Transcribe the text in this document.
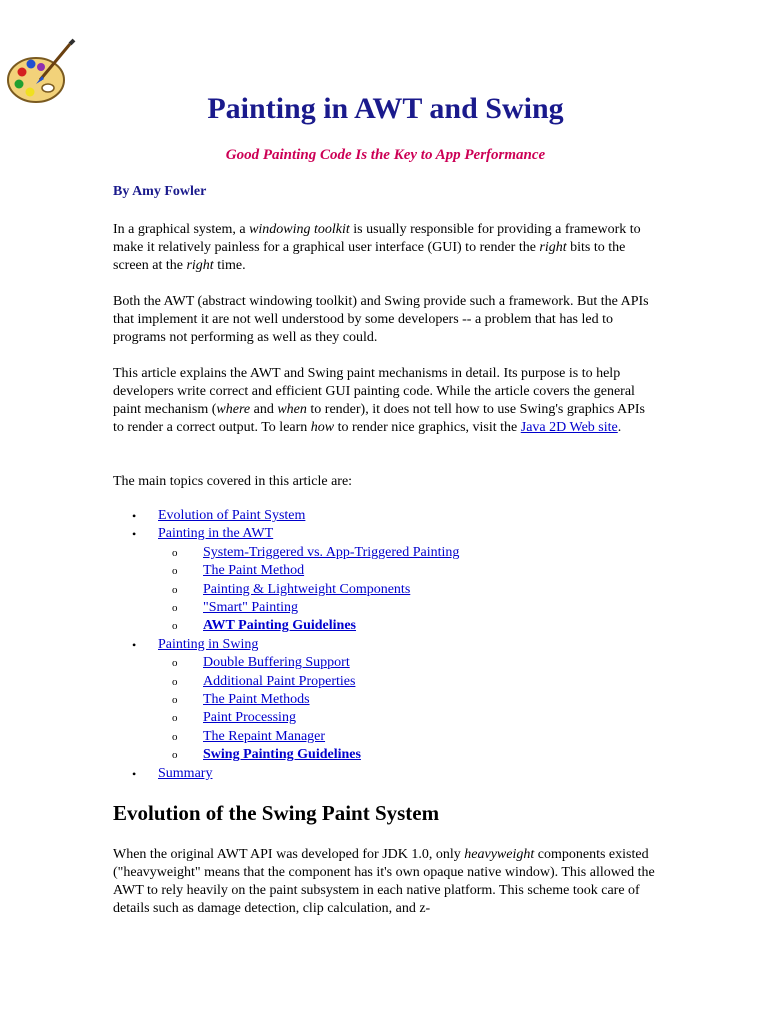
Painting in AWT and Swing

Good Painting Code Is the Key to App Performance

By Amy Fowler

In a graphical system, a windowing toolkit is usually responsible for providing a framework to make it relatively painless for a graphical user interface (GUI) to render the right bits to the screen at the right time.

Both the AWT (abstract windowing toolkit) and Swing provide such a framework. But the APIs that implement it are not well understood by some developers -- a problem that has led to programs not performing as well as they could.

This article explains the AWT and Swing paint mechanisms in detail. Its purpose is to help developers write correct and efficient GUI painting code. While the article covers the general paint mechanism (where and when to render), it does not tell how to use Swing's graphics APIs to render a correct output. To learn how to render nice graphics, visit the Java 2D Web site.

The main topics covered in this article are:

• Evolution of Paint System
• Painting in the AWT
o System-Triggered vs. App-Triggered Painting
o The Paint Method
o Painting & Lightweight Components
o "Smart" Painting
o AWT Painting Guidelines
• Painting in Swing
o Double Buffering Support
o Additional Paint Properties
o The Paint Methods
o Paint Processing
o The Repaint Manager
o Swing Painting Guidelines
• Summary
Evolution of the Swing Paint System

When the original AWT API was developed for JDK 1.0, only heavyweight components existed ("heavyweight" means that the component has it's own opaque native window). This allowed the AWT to rely heavily on the paint subsystem in each native platform. This scheme took care of details such as damage detection, clip calculation, and z-
